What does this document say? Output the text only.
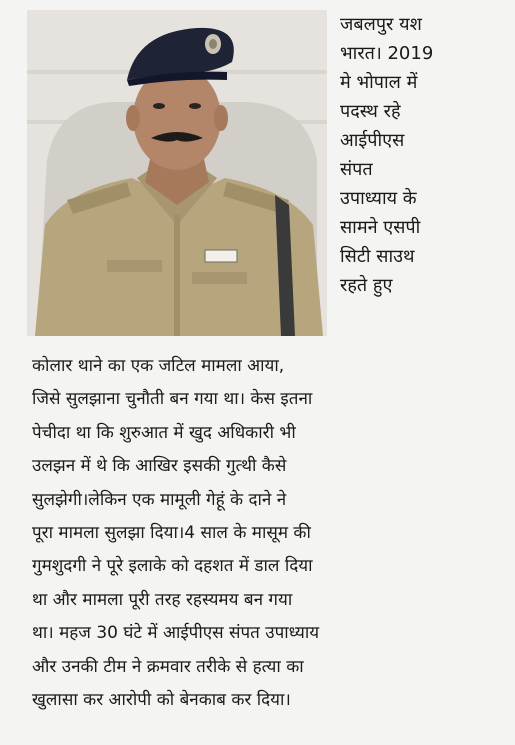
जबलपुर यश
भारत। 2019
मे भोपाल में
पदस्थ रहे
आईपीएस
संपत
उपाध्याय के
सामने एसपी
सिटी साउथ
रहते हुए
कोलार थाने का एक जटिल मामला आया,
जिसे सुलझाना चुनौती बन गया था। केस इतना
पेचीदा था कि शुरुआत में खुद अधिकारी भी
उलझन में थे कि आखिर इसकी गुत्थी कैसे
सुलझेगी।लेकिन एक मामूली गेहूं के दाने ने
पूरा मामला सुलझा दिया।4 साल के मासूम की
गुमशुदगी ने पूरे इलाके को दहशत में डाल दिया
था और मामला पूरी तरह रहस्यमय बन गया
था। महज 30 घंटे में आईपीएस संपत उपाध्याय
और उनकी टीम ने क्रमवार तरीके से हत्या का
खुलासा कर आरोपी को बेनकाब कर दिया।
